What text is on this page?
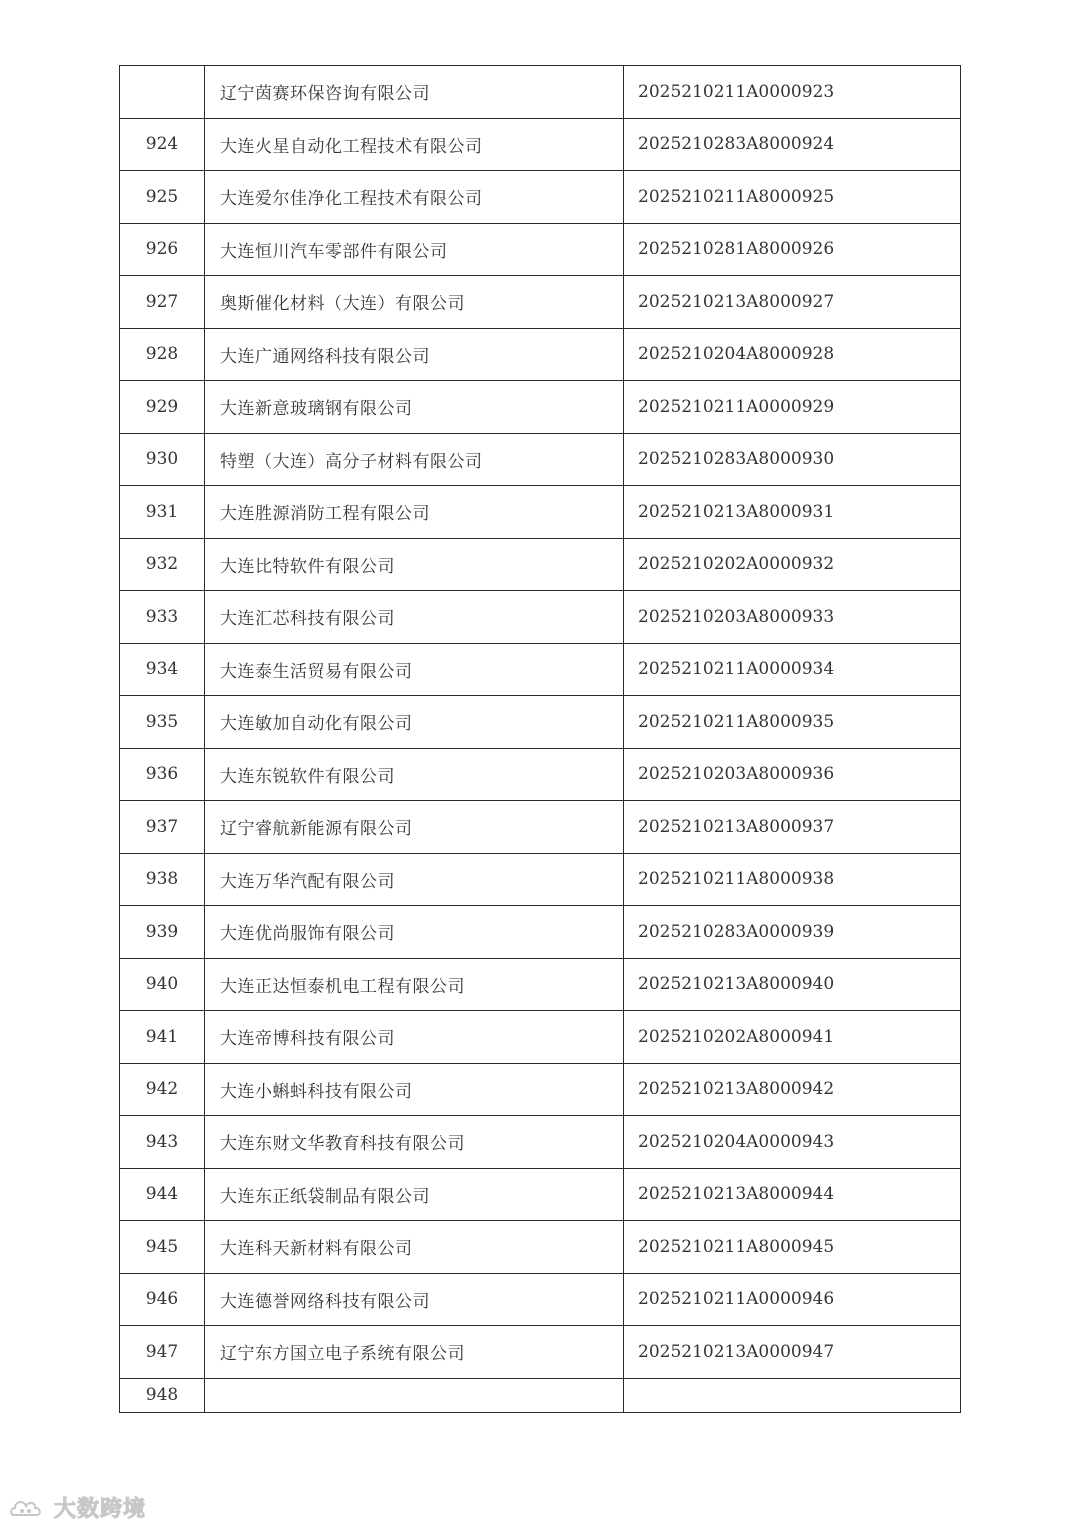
	辽宁茵赛环保咨询有限公司	2025210211A0000923
924	大连火星自动化工程技术有限公司	2025210283A8000924
925	大连爱尔佳净化工程技术有限公司	2025210211A8000925
926	大连恒川汽车零部件有限公司	2025210281A8000926
927	奥斯催化材料（大连）有限公司	2025210213A8000927
928	大连广通网络科技有限公司	2025210204A8000928
929	大连新意玻璃钢有限公司	2025210211A0000929
930	特塑（大连）高分子材料有限公司	2025210283A8000930
931	大连胜源消防工程有限公司	2025210213A8000931
932	大连比特软件有限公司	2025210202A0000932
933	大连汇芯科技有限公司	2025210203A8000933
934	大连泰生活贸易有限公司	2025210211A0000934
935	大连敏加自动化有限公司	2025210211A8000935
936	大连东锐软件有限公司	2025210203A8000936
937	辽宁睿航新能源有限公司	2025210213A8000937
938	大连万华汽配有限公司	2025210211A8000938
939	大连优尚服饰有限公司	2025210283A0000939
940	大连正达恒泰机电工程有限公司	2025210213A8000940
941	大连帝博科技有限公司	2025210202A8000941
942	大连小蝌蚪科技有限公司	2025210213A8000942
943	大连东财文华教育科技有限公司	2025210204A0000943
944	大连东正纸袋制品有限公司	2025210213A8000944
945	大连科天新材料有限公司	2025210211A8000945
946	大连德誉网络科技有限公司	2025210211A0000946
947	辽宁东方国立电子系统有限公司	2025210213A0000947
948		
大数跨境
